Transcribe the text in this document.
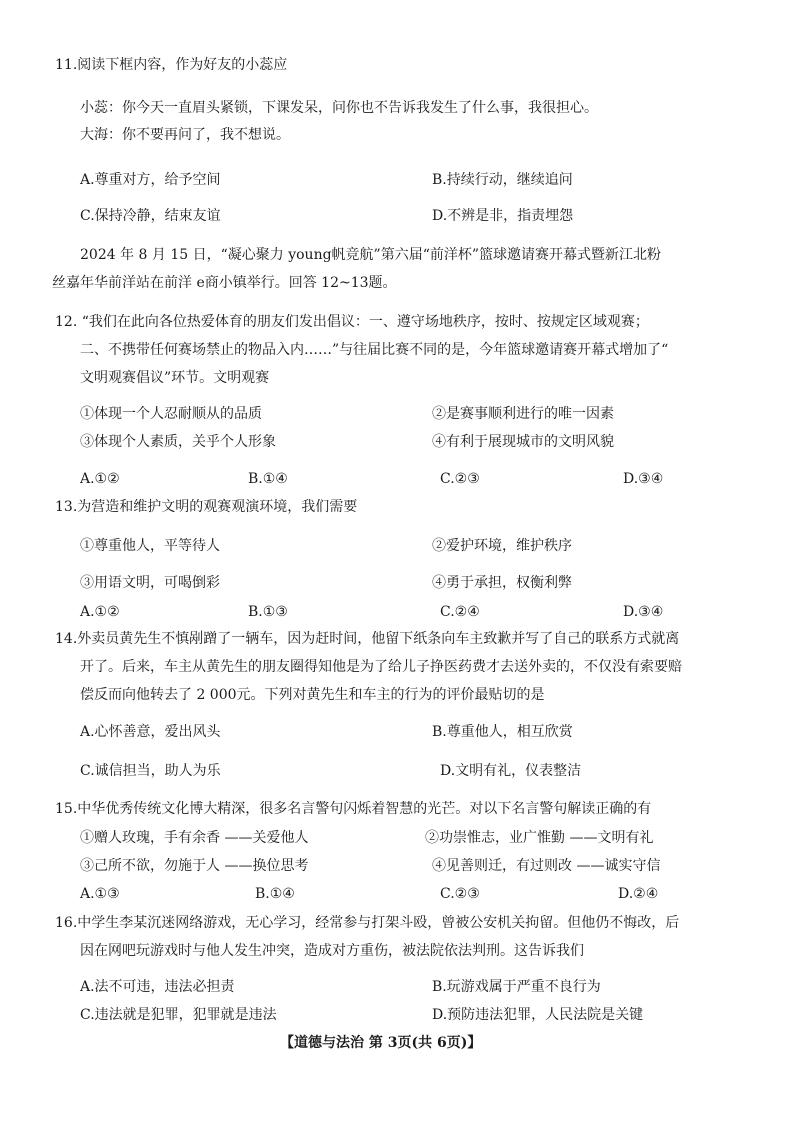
11.阅读下框内容，作为好友的小蕊应
小蕊：你今天一直眉头紧锁，下课发呆，问你也不告诉我发生了什么事，我很担心。
大海：你不要再问了，我不想说。
A.尊重对方，给予空间	B.持续行动，继续追问
C.保持冷静，结束友谊	D.不辨是非，指责埋怨
2024 年 8 月 15 日，“凝心聚力 young帆竞航”第六届“前洋杯”篮球邀请赛开幕式暨新江北粉
丝嘉年华前洋站在前洋 e商小镇举行。回答 12~13题。
12. “我们在此向各位热爱体育的朋友们发出倡议：一、遵守场地秩序，按时、按规定区域观赛；
二、不携带任何赛场禁止的物品入内……”与往届比赛不同的是，今年篮球邀请赛开幕式增加了“
文明观赛倡议”环节。文明观赛
①体现一个人忍耐顺从的品质	②是赛事顺利进行的唯一因素
③体现个人素质，关乎个人形象	④有利于展现城市的文明风貌
A.①②	B.①④	C.②③	D.③④
13.为营造和维护文明的观赛观演环境，我们需要
①尊重他人，平等待人	②爱护环境，维护秩序
③用语文明，可喝倒彩	④勇于承担，权衡利弊
A.①②	B.①③	C.②④	D.③④
14.外卖员黄先生不慎剐蹭了一辆车，因为赶时间，他留下纸条向车主致歉并写了自己的联系方式就离
开了。后来，车主从黄先生的朋友圈得知他是为了给儿子挣医药费才去送外卖的，不仅没有索要赔
偿反而向他转去了 2 000元。下列对黄先生和车主的行为的评价最贴切的是
A.心怀善意，爱出风头	B.尊重他人，相互欣赏
C.诚信担当，助人为乐	D.文明有礼，仪表整洁
15.中华优秀传统文化博大精深，很多名言警句闪烁着智慧的光芒。对以下名言警句解读正确的有
①赠人玫瑰，手有余香 ——关爱他人	②功崇惟志，业广惟勤 ——文明有礼
③己所不欲，勿施于人 ——换位思考	④见善则迁，有过则改 ——诚实守信
A.①③	B.①④	C.②③	D.②④
16.中学生李某沉迷网络游戏，无心学习，经常参与打架斗殴，曾被公安机关拘留。但他仍不悔改，后
因在网吧玩游戏时与他人发生冲突，造成对方重伤，被法院依法判刑。这告诉我们
A.法不可违，违法必担责	B.玩游戏属于严重不良行为
C.违法就是犯罪，犯罪就是违法	D.预防违法犯罪，人民法院是关键
【道德与法治 第 3页(共 6页)】
